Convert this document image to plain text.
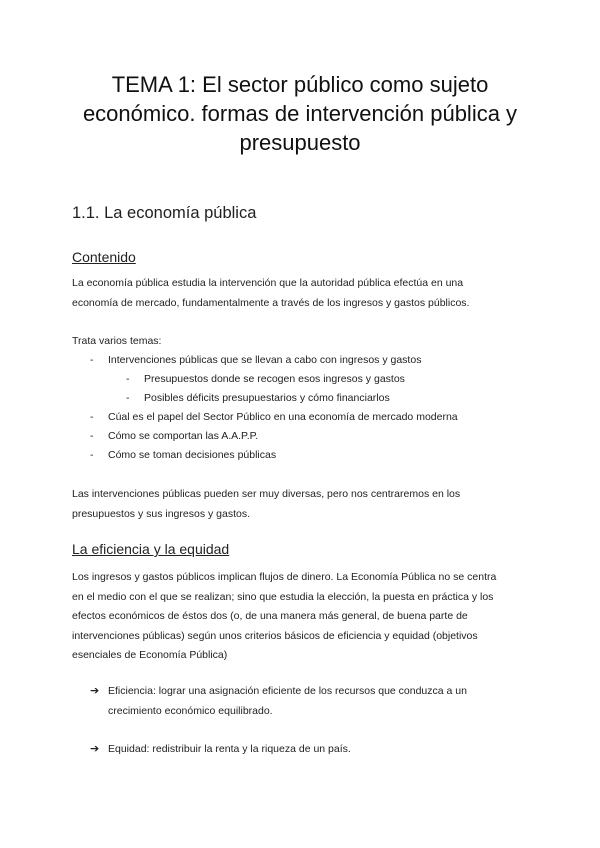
TEMA 1: El sector público como sujeto
económico. formas de intervención pública y
presupuesto
1.1. La economía pública
Contenido

La economía pública estudia la intervención que la autoridad pública efectúa en una
economía de mercado, fundamentalmente a través de los ingresos y gastos públicos.

Trata varios temas:

- Intervenciones públicas que se llevan a cabo con ingresos y gastos

- Presupuestos donde se recogen esos ingresos y gastos

- Posibles déficits presupuestarios y cómo financiarlos

- Cúal es el papel del Sector Público en una economía de mercado moderna

- Cómo se comportan las A.A.P.P.

- Cómo se toman decisiones públicas

Las intervenciones públicas pueden ser muy diversas, pero nos centraremos en los
presupuestos y sus ingresos y gastos.

La eficiencia y la equidad

Los ingresos y gastos públicos implican flujos de dinero. La Economía Pública no se centra
en el medio con el que se realizan; sino que estudia la elección, la puesta en práctica y los
efectos económicos de éstos dos (o, de una manera más general, de buena parte de
intervenciones públicas) según unos criterios básicos de eficiencia y equidad (objetivos
esenciales de Economía Pública)

➔ Eficiencia: lograr una asignación eficiente de los recursos que conduzca a un
crecimiento económico equilibrado.

➔ Equidad: redistribuir la renta y la riqueza de un país.
